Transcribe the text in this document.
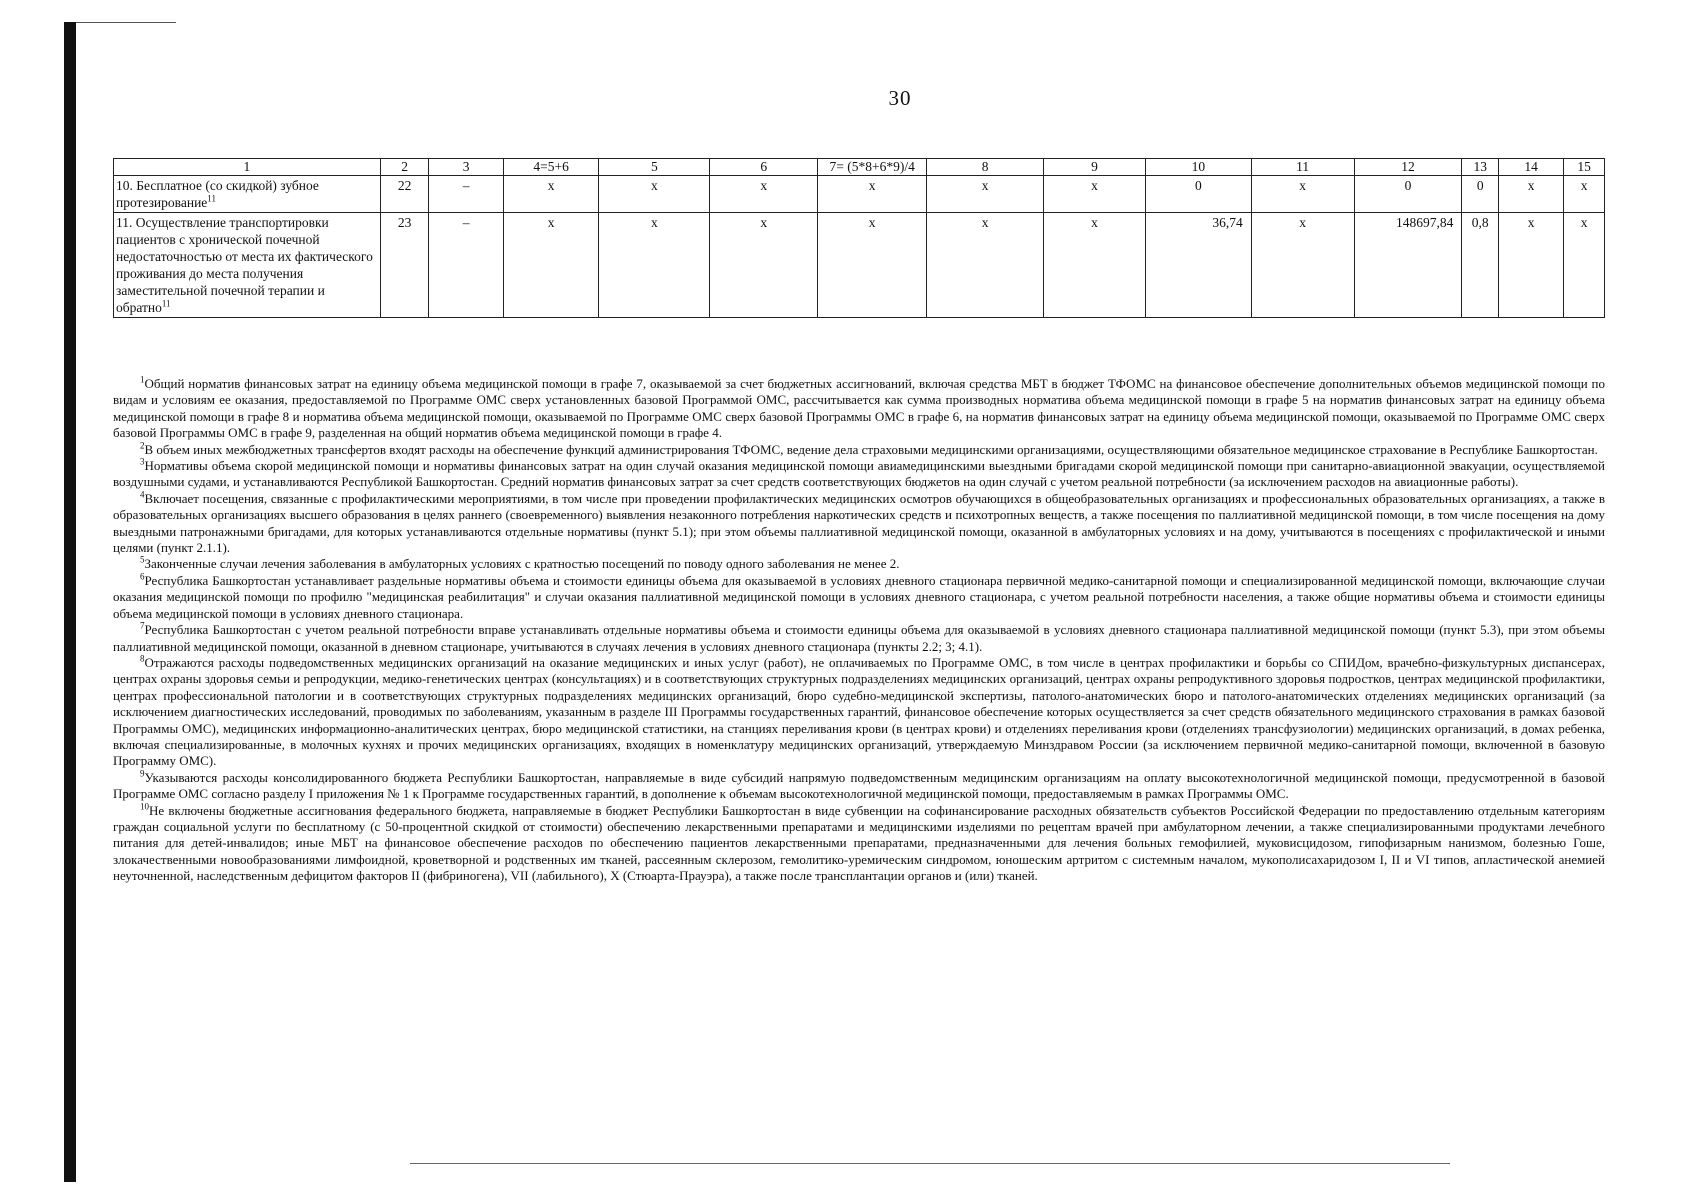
30
1	2	3	4=5+6	5	6	7= (5*8+6*9)/4	8	9	10	11	12	13	14	15
10. Бесплатное (со скидкой) зубное протезирование$^{11}$	22	–	х	х	х	х	х	х	0	х	0	0	х	х
11. Осуществление транспортировки пациентов с хронической почечной недостаточностью от места их фактического проживания до места получения заместительной почечной терапии и обратно$^{11}$	23	–	х	х	х	х	х	х	36,74	х	148697,84	0,8	х	х

$^1$Общий норматив финансовых затрат на единицу объема медицинской помощи в графе 7, оказываемой за счет бюджетных ассигнований, включая средства МБТ в бюджет ТФОМС на финансовое обеспечение дополнительных объемов медицинской помощи по видам и условиям ее оказания, предоставляемой по Программе ОМС сверх установленных базовой Программой ОМС, рассчитывается как сумма производных норматива объема медицинской помощи в графе 5 на норматив финансовых затрат на единицу объема медицинской помощи в графе 8 и норматива объема медицинской помощи, оказываемой по Программе ОМС сверх базовой Программы ОМС в графе 6, на норматив финансовых затрат на единицу объема медицинской помощи, оказываемой по Программе ОМС сверх базовой Программы ОМС в графе 9, разделенная на общий норматив объема медицинской помощи в графе 4.

$^2$В объем иных межбюджетных трансфертов входят расходы на обеспечение функций администрирования ТФОМС, ведение дела страховыми медицинскими организациями, осуществляющими обязательное медицинское страхование в Республике Башкортостан.

$^3$Нормативы объема скорой медицинской помощи и нормативы финансовых затрат на один случай оказания медицинской помощи авиамедицинскими выездными бригадами скорой медицинской помощи при санитарно-авиационной эвакуации, осуществляемой воздушными судами, и устанавливаются Республикой Башкортостан. Средний норматив финансовых затрат за счет средств соответствующих бюджетов на один случай с учетом реальной потребности (за исключением расходов на авиационные работы).

$^4$Включает посещения, связанные с профилактическими мероприятиями, в том числе при проведении профилактических медицинских осмотров обучающихся в общеобразовательных организациях и профессиональных образовательных организациях, а также в образовательных организациях высшего образования в целях раннего (своевременного) выявления незаконного потребления наркотических средств и психотропных веществ, а также посещения по паллиативной медицинской помощи, в том числе посещения на дому выездными патронажными бригадами, для которых устанавливаются отдельные нормативы (пункт 5.1); при этом объемы паллиативной медицинской помощи, оказанной в амбулаторных условиях и на дому, учитываются в посещениях с профилактической и иными целями (пункт 2.1.1).

$^5$Законченные случаи лечения заболевания в амбулаторных условиях с кратностью посещений по поводу одного заболевания не менее 2.

$^6$Республика Башкортостан устанавливает раздельные нормативы объема и стоимости единицы объема для оказываемой в условиях дневного стационара первичной медико-санитарной помощи и специализированной медицинской помощи, включающие случаи оказания медицинской помощи по профилю "медицинская реабилитация" и случаи оказания паллиативной медицинской помощи в условиях дневного стационара, с учетом реальной потребности населения, а также общие нормативы объема и стоимости единицы объема медицинской помощи в условиях дневного стационара.

$^7$Республика Башкортостан с учетом реальной потребности вправе устанавливать отдельные нормативы объема и стоимости единицы объема для оказываемой в условиях дневного стационара паллиативной медицинской помощи (пункт 5.3), при этом объемы паллиативной медицинской помощи, оказанной в дневном стационаре, учитываются в случаях лечения в условиях дневного стационара (пункты 2.2; 3; 4.1).

$^8$Отражаются расходы подведомственных медицинских организаций на оказание медицинских и иных услуг (работ), не оплачиваемых по Программе ОМС, в том числе в центрах профилактики и борьбы со СПИДом, врачебно-физкультурных диспансерах, центрах охраны здоровья семьи и репродукции, медико-генетических центрах (консультациях) и в соответствующих структурных подразделениях медицинских организаций, центрах охраны репродуктивного здоровья подростков, центрах медицинской профилактики, центрах профессиональной патологии и в соответствующих структурных подразделениях медицинских организаций, бюро судебно-медицинской экспертизы, патолого-анатомических бюро и патолого-анатомических отделениях медицинских организаций (за исключением диагностических исследований, проводимых по заболеваниям, указанным в разделе III Программы государственных гарантий, финансовое обеспечение которых осуществляется за счет средств обязательного медицинского страхования в рамках базовой Программы ОМС), медицинских информационно-аналитических центрах, бюро медицинской статистики, на станциях переливания крови (в центрах крови) и отделениях переливания крови (отделениях трансфузиологии) медицинских организаций, в домах ребенка, включая специализированные, в молочных кухнях и прочих медицинских организациях, входящих в номенклатуру медицинских организаций, утверждаемую Минздравом России (за исключением первичной медико-санитарной помощи, включенной в базовую Программу ОМС).

$^9$Указываются расходы консолидированного бюджета Республики Башкортостан, направляемые в виде субсидий напрямую подведомственным медицинским организациям на оплату высокотехнологичной медицинской помощи, предусмотренной в базовой Программе ОМС согласно разделу I приложения № 1 к Программе государственных гарантий, в дополнение к объемам высокотехнологичной медицинской помощи, предоставляемым в рамках Программы ОМС.

$^{10}$Не включены бюджетные ассигнования федерального бюджета, направляемые в бюджет Республики Башкортостан в виде субвенции на софинансирование расходных обязательств субъектов Российской Федерации по предоставлению отдельным категориям граждан социальной услуги по бесплатному (с 50-процентной скидкой от стоимости) обеспечению лекарственными препаратами и медицинскими изделиями по рецептам врачей при амбулаторном лечении, а также специализированными продуктами лечебного питания для детей-инвалидов; иные МБТ на финансовое обеспечение расходов по обеспечению пациентов лекарственными препаратами, предназначенными для лечения больных гемофилией, муковисцидозом, гипофизарным нанизмом, болезнью Гоше, злокачественными новообразованиями лимфоидной, кроветворной и родственных им тканей, рассеянным склерозом, гемолитико-уремическим синдромом, юношеским артритом с системным началом, мукополисахаридозом I, II и VI типов, апластической анемией неуточненной, наследственным дефицитом факторов II (фибриногена), VII (лабильного), X (Стюарта-Прауэра), а также после трансплантации органов и (или) тканей.
